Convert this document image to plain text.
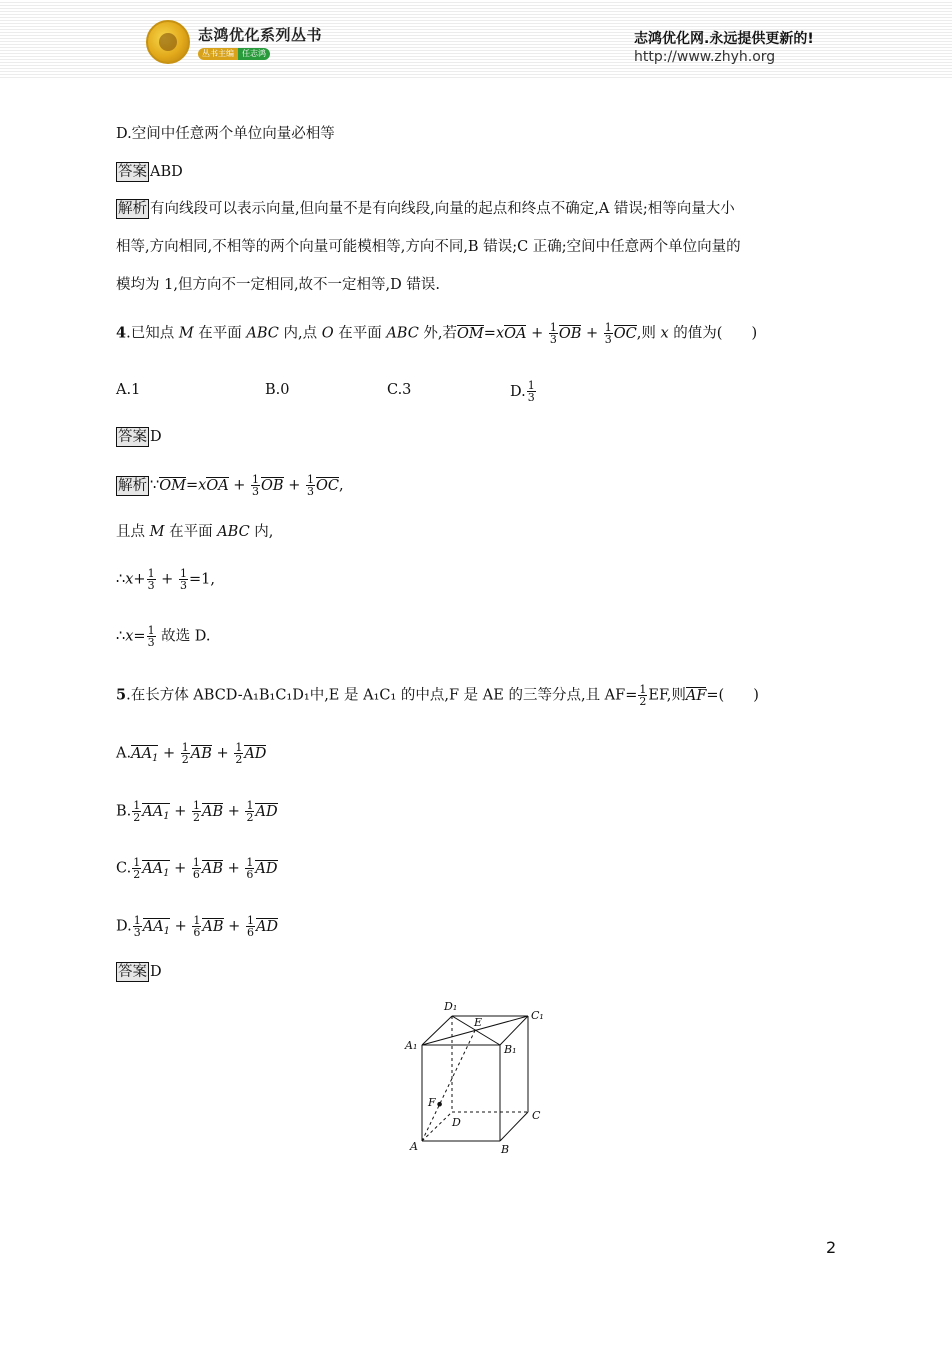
志鸿优化系列丛书
丛书主编	任志鸿
志鸿优化网.永远提供更新的!
http://www.zhyh.org
D.空间中任意两个单位向量必相等
答案 ABD
解析 有向线段可以表示向量,但向量不是有向线段,向量的起点和终点不确定,A 错误;相等向量大小
相等,方向相同,不相等的两个向量可能模相等,方向不同,B 错误;C 正确;空间中任意两个单位向量的
模均为 1,但方向不一定相同,故不一定相等,D 错误.
4.已知点 M 在平面 ABC 内,点 O 在平面 ABC 外,若$OM=xOA + \frac{1}{3}$ OB + $\frac{1}{3}$ OC,则 x 的值为(　　)
A.1	B.0	C.3	D. $\frac{1}{3}$
答案 D
解析 ∵OM=xOA + $\frac{1}{3}$ OB + $\frac{1}{3}$ OC,
且点 M 在平面 ABC 内,
∴x+ $\frac{1}{3} + \frac{1}{3} =1$,
∴x= $\frac{1}{3}$ 故选 D.
5.在长方体 ABCD-A₁B₁C₁D₁中,E 是 A₁C₁ 的中点,F 是 AE 的三等分点,且 $AF= \frac{1}{2}$ EF,则AF=(　　)
$A.AA_1 + \frac{1}{2}$ AB + $\frac{1}{2}$ AD
B. $\frac{1}{2} AA_1 + \frac{1}{2}$ AB + $\frac{1}{2}$ AD
C. $\frac{1}{2} AA_1 + \frac{1}{6}$ AB + $\frac{1}{6}$ AD
D. $\frac{1}{3} AA_1 + \frac{1}{6}$ AB + $\frac{1}{6}$ AD
答案 D
D₁
C₁
A₁	B₁
E
F
D
C
A	B
2
